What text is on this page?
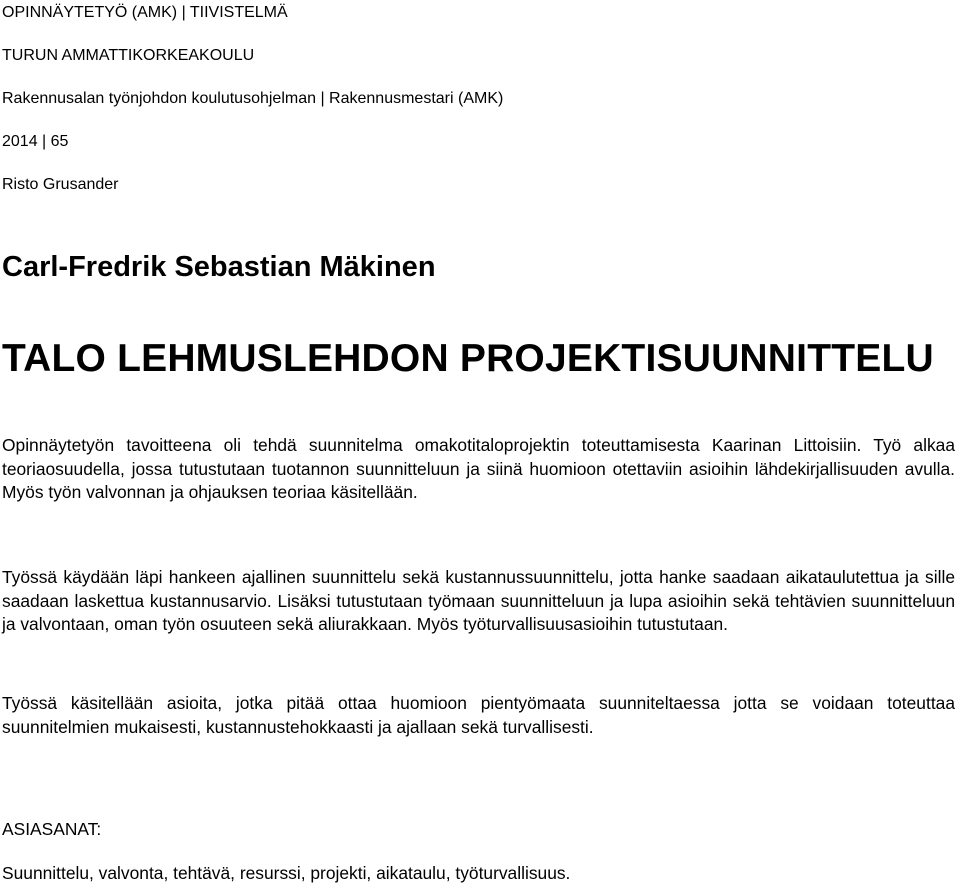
OPINNÄYTETYÖ (AMK) | TIIVISTELMÄ

TURUN AMMATTIKORKEAKOULU

Rakennusalan työnjohdon koulutusohjelman | Rakennusmestari (AMK)

2014 | 65

Risto Grusander

Carl-Fredrik Sebastian Mäkinen
TALO LEHMUSLEHDON PROJEKTISUUNNITTELU

Opinnäytetyön tavoitteena oli tehdä suunnitelma omakotitaloprojektin toteuttamisesta Kaarinan Littoisiin. Työ alkaa teoriaosuudella, jossa tutustutaan tuotannon suunnitteluun ja siinä huomioon otettaviin asioihin lähdekirjallisuuden avulla. Myös työn valvonnan ja ohjauksen teoriaa käsitellään.

Työssä käydään läpi hankeen ajallinen suunnittelu sekä kustannussuunnittelu, jotta hanke saadaan aikataulutettua ja sille saadaan laskettua kustannusarvio. Lisäksi tutustutaan työmaan suunnitteluun ja lupa asioihin sekä tehtävien suunnitteluun ja valvontaan, oman työn osuuteen sekä aliurakkaan. Myös työturvallisuusasioihin tutustutaan.

Työssä käsitellään asioita, jotka pitää ottaa huomioon pientyömaata suunniteltaessa jotta se voidaan toteuttaa suunnitelmien mukaisesti, kustannustehokkaasti ja ajallaan sekä turvallisesti.

ASIASANAT:

Suunnittelu, valvonta, tehtävä, resurssi, projekti, aikataulu, työturvallisuus.
